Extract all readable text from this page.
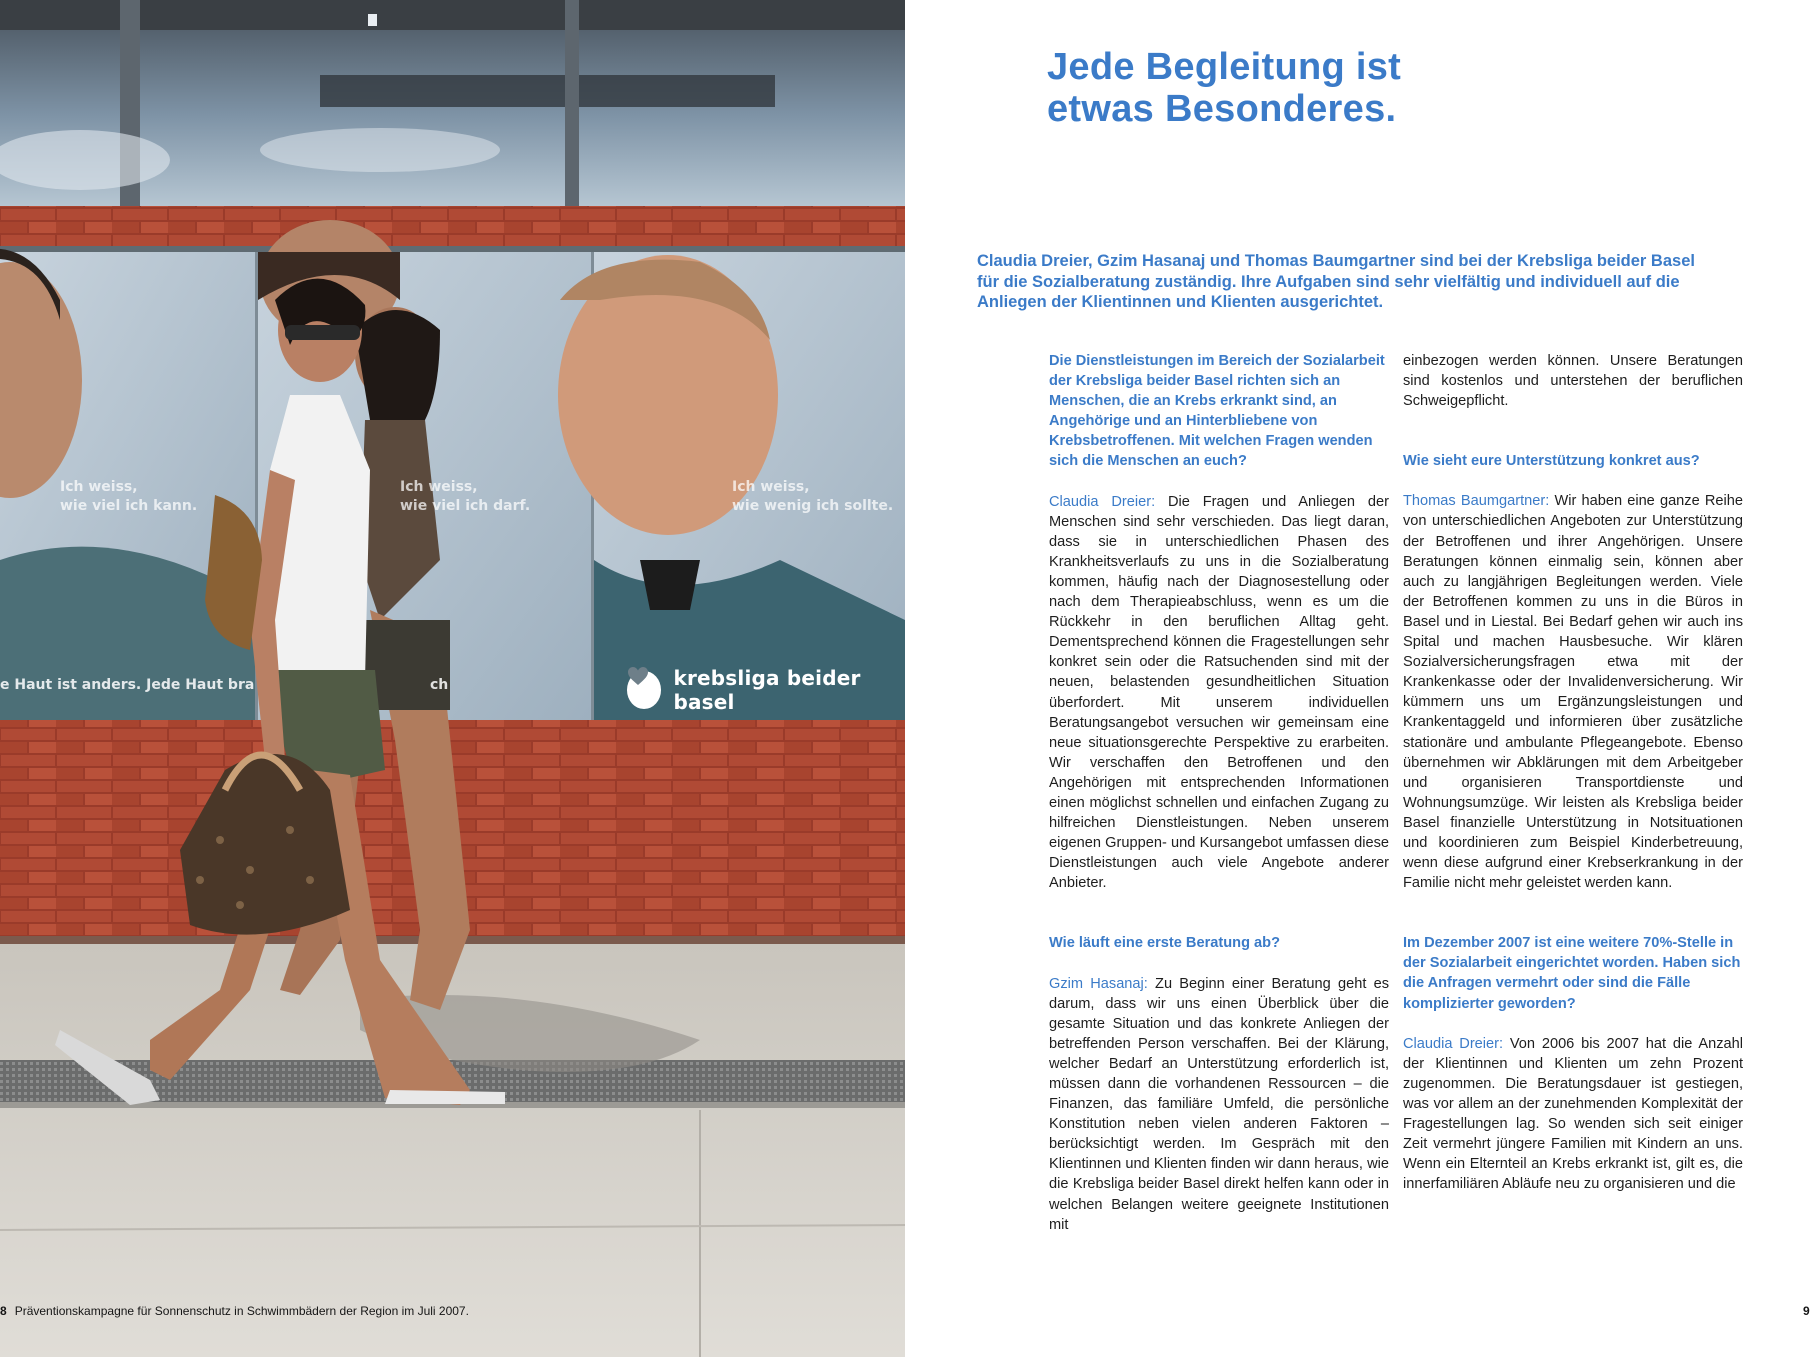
Ich weiss,
wie viel ich kann.
Ich weiss,
wie viel ich darf.
Ich weiss,
wie wenig ich sollte.
e Haut ist anders. Jede Haut bra	ch	krebsliga beider basel
8 Präventionskampagne für Sonnenschutz in Schwimmbädern der Region im Juli 2007.
Jede Begleitung ist
etwas Besonderes.

Claudia Dreier, Gzim Hasanaj und Thomas Baumgartner sind bei der Krebsliga beider Basel für die Sozialberatung zuständig. Ihre Aufgaben sind sehr vielfältig und individuell auf die Anliegen der Klientinnen und Klienten ausgerichtet.

Die Dienstleistungen im Bereich der Sozialarbeit der Krebsliga beider Basel richten sich an Menschen, die an Krebs erkrankt sind, an Angehörige und an Hinterbliebene von Krebsbetroffenen. Mit welchen Fragen wenden sich die Menschen an euch?

Claudia Dreier: Die Fragen und Anliegen der Menschen sind sehr verschieden. Das liegt daran, dass sie in unterschiedlichen Phasen des Krankheitsverlaufs zu uns in die Sozialberatung kommen, häufig nach der Diagnosestellung oder nach dem Therapieabschluss, wenn es um die Rückkehr in den beruflichen Alltag geht. Dementsprechend können die Fragestellungen sehr konkret sein oder die Ratsuchenden sind mit der neuen, belastenden gesundheitlichen Situation überfordert. Mit unserem individuellen Beratungsangebot versuchen wir gemeinsam eine neue situationsgerechte Perspektive zu erarbeiten. Wir verschaffen den Betroffenen und den Angehörigen mit entsprechenden Informationen einen möglichst schnellen und einfachen Zugang zu hilfreichen Dienstleistungen. Neben unserem eigenen Gruppen- und Kursangebot umfassen diese Dienstleistungen auch viele Angebote anderer Anbieter.

Wie läuft eine erste Beratung ab?

Gzim Hasanaj: Zu Beginn einer Beratung geht es darum, dass wir uns einen Überblick über die gesamte Situation und das konkrete Anliegen der betreffenden Person verschaffen. Bei der Klärung, welcher Bedarf an Unterstützung erforderlich ist, müssen dann die vorhandenen Ressourcen – die Finanzen, das familiäre Umfeld, die persönliche Konstitution neben vielen anderen Faktoren – berücksichtigt werden. Im Gespräch mit den Klientinnen und Klienten finden wir dann heraus, wie die Krebsliga beider Basel direkt helfen kann oder in welchen Belangen weitere geeignete Institutionen mit

einbezogen werden können. Unsere Beratungen sind kostenlos und unterstehen der beruflichen Schweigepflicht.

Wie sieht eure Unterstützung konkret aus?

Thomas Baumgartner: Wir haben eine ganze Reihe von unterschiedlichen Angeboten zur Unterstützung der Betroffenen und ihrer Angehörigen. Unsere Beratungen können einmalig sein, können aber auch zu langjährigen Begleitungen werden. Viele der Betroffenen kommen zu uns in die Büros in Basel und in Liestal. Bei Bedarf gehen wir auch ins Spital und machen Hausbesuche. Wir klären Sozialversicherungsfragen etwa mit der Krankenkasse oder der Invalidenversicherung. Wir kümmern uns um Ergänzungsleistungen und Krankentaggeld und informieren über zusätzliche stationäre und ambulante Pflegeangebote. Ebenso übernehmen wir Abklärungen mit dem Arbeitgeber und organisieren Transportdienste und Wohnungsumzüge. Wir leisten als Krebsliga beider Basel finanzielle Unterstützung in Notsituationen und koordinieren zum Beispiel Kinderbetreuung, wenn diese aufgrund einer Krebserkrankung in der Familie nicht mehr geleistet werden kann.

Im Dezember 2007 ist eine weitere 70%-Stelle in der Sozialarbeit eingerichtet worden. Haben sich die Anfragen vermehrt oder sind die Fälle komplizierter geworden?

Claudia Dreier: Von 2006 bis 2007 hat die Anzahl der Klientinnen und Klienten um zehn Prozent zugenommen. Die Beratungsdauer ist gestiegen, was vor allem an der zunehmenden Komplexität der Fragestellungen lag. So wenden sich seit einiger Zeit vermehrt jüngere Familien mit Kindern an uns. Wenn ein Elternteil an Krebs erkrankt ist, gilt es, die innerfamiliären Abläufe neu zu organisieren und die

9
